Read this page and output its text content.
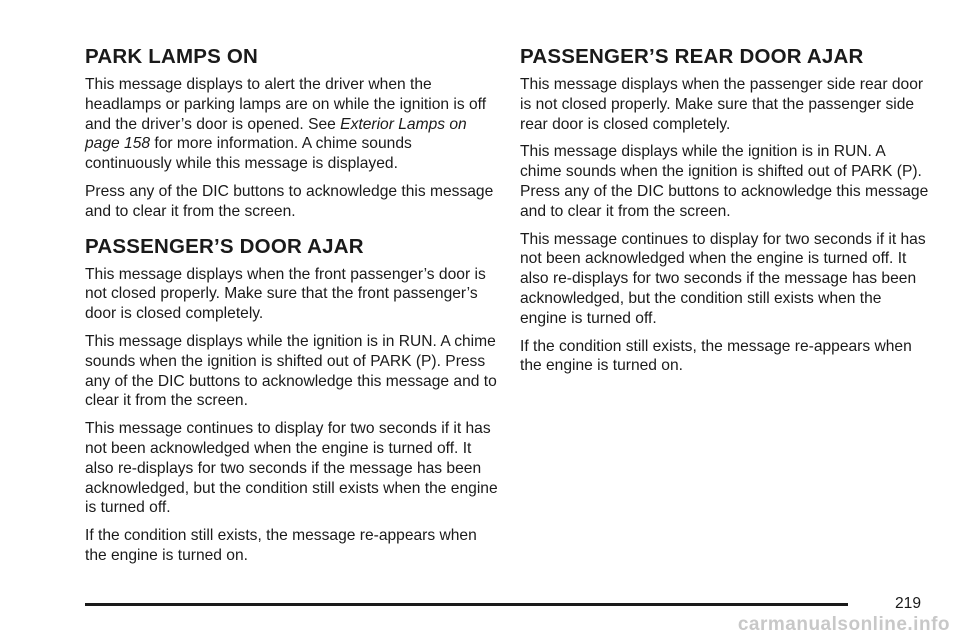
PARK LAMPS ON

This message displays to alert the driver when the headlamps or parking lamps are on while the ignition is off and the driver’s door is opened. See Exterior Lamps on page 158 for more information. A chime sounds continuously while this message is displayed.

Press any of the DIC buttons to acknowledge this message and to clear it from the screen.

PASSENGER’S DOOR AJAR

This message displays when the front passenger’s door is not closed properly. Make sure that the front passenger’s door is closed completely.

This message displays while the ignition is in RUN. A chime sounds when the ignition is shifted out of PARK (P). Press any of the DIC buttons to acknowledge this message and to clear it from the screen.

This message continues to display for two seconds if it has not been acknowledged when the engine is turned off. It also re-displays for two seconds if the message has been acknowledged, but the condition still exists when the engine is turned off.

If the condition still exists, the message re-appears when the engine is turned on.

PASSENGER’S REAR DOOR AJAR

This message displays when the passenger side rear door is not closed properly. Make sure that the passenger side rear door is closed completely.

This message displays while the ignition is in RUN. A chime sounds when the ignition is shifted out of PARK (P). Press any of the DIC buttons to acknowledge this message and to clear it from the screen.

This message continues to display for two seconds if it has not been acknowledged when the engine is turned off. It also re-displays for two seconds if the message has been acknowledged, but the condition still exists when the engine is turned off.

If the condition still exists, the message re-appears when the engine is turned on.

219
carmanualsonline.info
